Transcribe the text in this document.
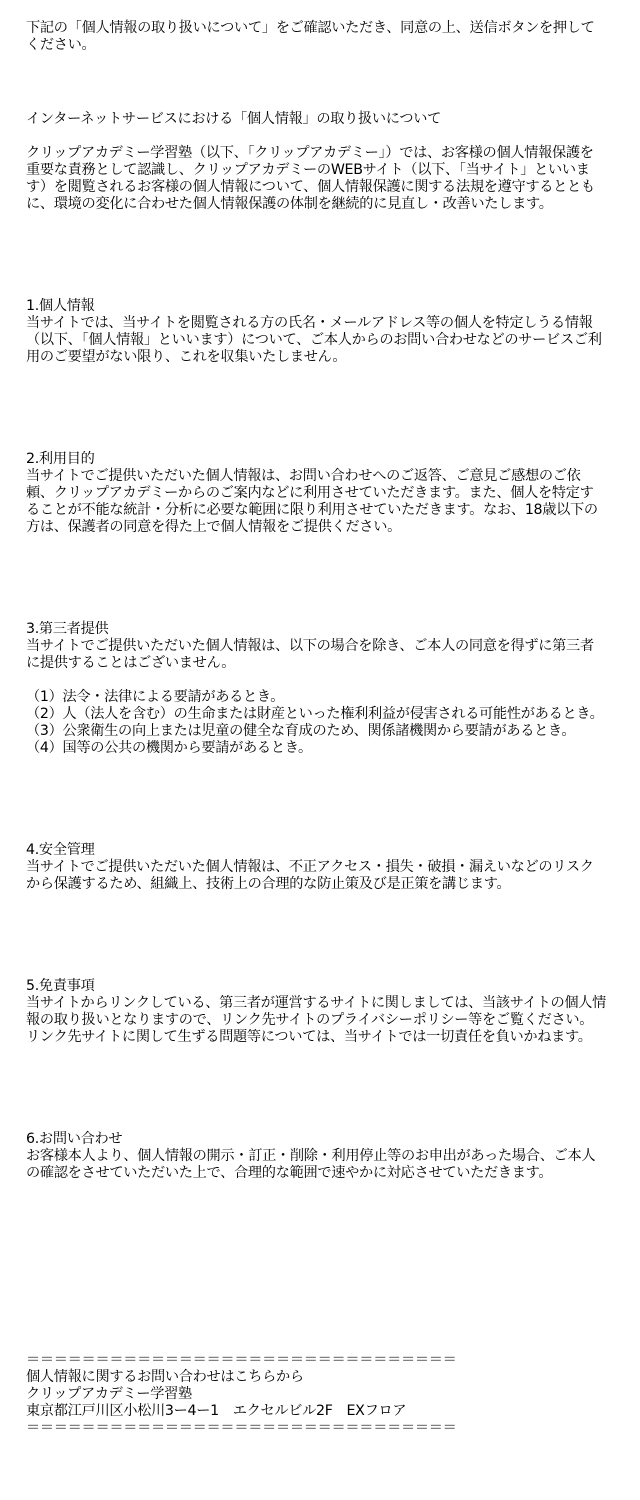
下記の「個人情報の取り扱いについて」をご確認いただき、同意の上、送信ボタンを押してください。

インターネットサービスにおける「個人情報」の取り扱いについて

クリップアカデミー学習塾（以下、「クリップアカデミー」）では、お客様の個人情報保護を重要な責務として認識し、クリップアカデミーのWEBサイト（以下、「当サイト」といいます）を閲覧されるお客様の個人情報について、個人情報保護に関する法規を遵守するとともに、環境の変化に合わせた個人情報保護の体制を継続的に見直し・改善いたします。

1.個人情報

当サイトでは、当サイトを閲覧される方の氏名・メールアドレス等の個人を特定しうる情報（以下、「個人情報」といいます）について、ご本人からのお問い合わせなどのサービスご利用のご要望がない限り、これを収集いたしません。

2.利用目的

当サイトでご提供いただいた個人情報は、お問い合わせへのご返答、ご意見ご感想のご依頼、クリップアカデミーからのご案内などに利用させていただきます。また、個人を特定することが不能な統計・分析に必要な範囲に限り利用させていただきます。なお、18歳以下の方は、保護者の同意を得た上で個人情報をご提供ください。

3.第三者提供

当サイトでご提供いただいた個人情報は、以下の場合を除き、ご本人の同意を得ずに第三者に提供することはございません。

（1）法令・法律による要請があるとき。

（2）人（法人を含む）の生命または財産といった権利利益が侵害される可能性があるとき。

（3）公衆衛生の向上または児童の健全な育成のため、関係諸機関から要請があるとき。

（4）国等の公共の機関から要請があるとき。

4.安全管理

当サイトでご提供いただいた個人情報は、不正アクセス・損失・破損・漏えいなどのリスクから保護するため、組織上、技術上の合理的な防止策及び是正策を講じます。

5.免責事項

当サイトからリンクしている、第三者が運営するサイトに関しましては、当該サイトの個人情報の取り扱いとなりますので、リンク先サイトのプライバシーポリシー等をご覧ください。リンク先サイトに関して生ずる問題等については、当サイトでは一切責任を負いかねます。

6.お問い合わせ

お客様本人より、個人情報の開示・訂正・削除・利用停止等のお申出があった場合、ご本人の確認をさせていただいた上で、合理的な範囲で速やかに対応させていただきます。

＝＝＝＝＝＝＝＝＝＝＝＝＝＝＝＝＝＝＝＝＝＝＝＝＝＝＝＝＝＝＝

個人情報に関するお問い合わせはこちらから

クリップアカデミー学習塾

東京都江戸川区小松川3ー4ー1　エクセルビル2F　EXフロア

＝＝＝＝＝＝＝＝＝＝＝＝＝＝＝＝＝＝＝＝＝＝＝＝＝＝＝＝＝＝＝
